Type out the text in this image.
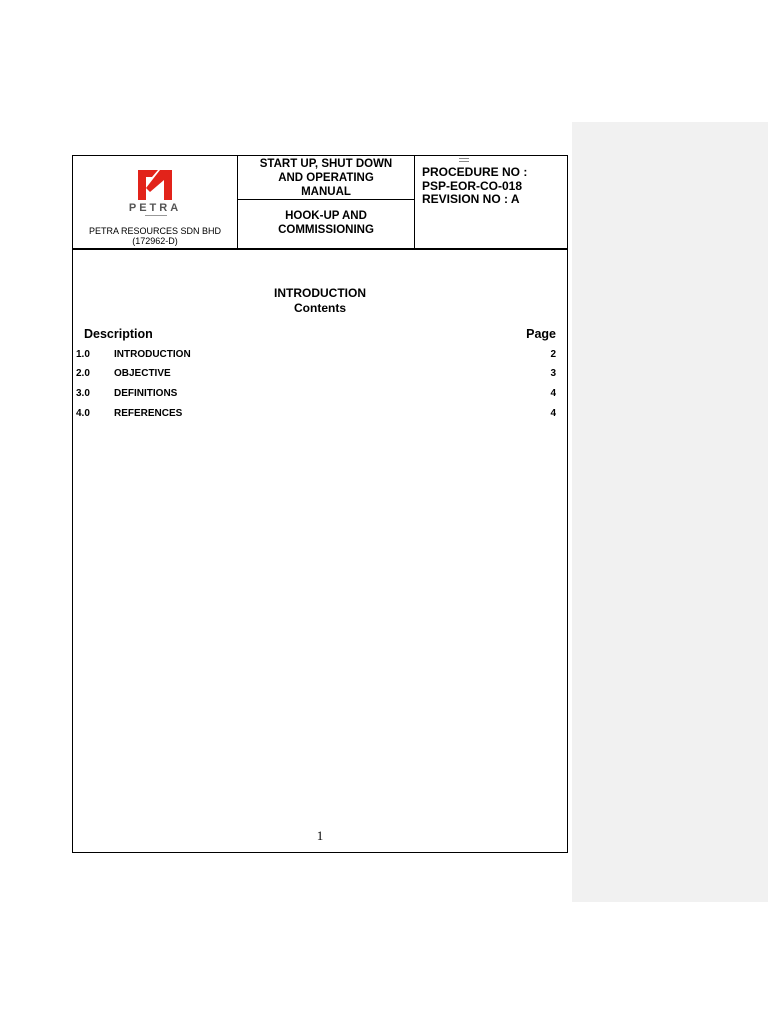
PETRA
PETRA RESOURCES SDN BHD
(172962-D)
START UP, SHUT DOWN
AND OPERATING
MANUAL
HOOK-UP AND
COMMISSIONING
PROCEDURE NO :
PSP-EOR-CO-018
REVISION NO : A
INTRODUCTION
Contents
Description	Page
1.0 INTRODUCTION	2
2.0 OBJECTIVE	3
3.0 DEFINITIONS	4
4.0 REFERENCES	4
1
